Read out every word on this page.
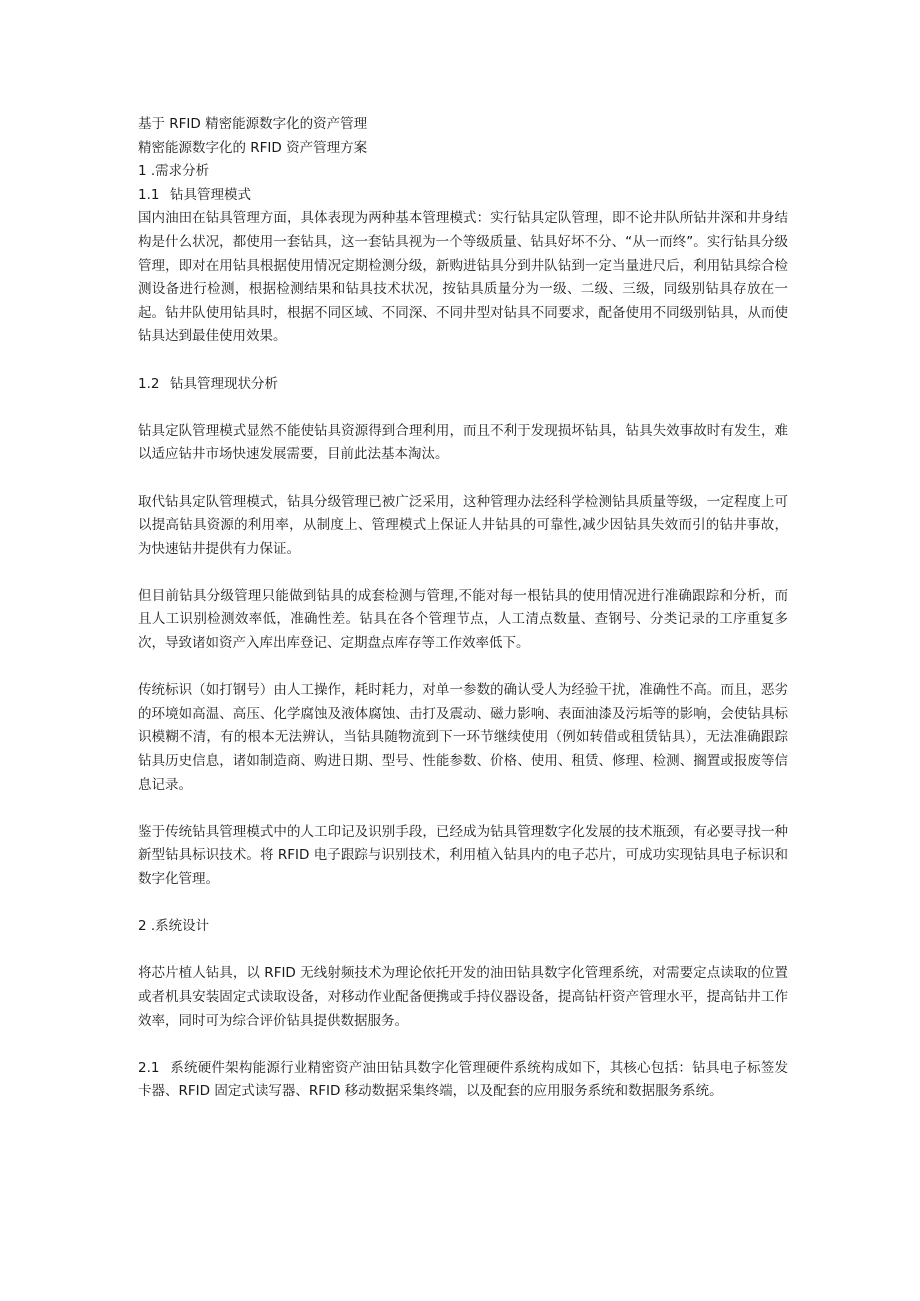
基于 RFID 精密能源数字化的资产管理

精密能源数字化的 RFID 资产管理方案

1 .需求分析

1.1 钻具管理模式

国内油田在钻具管理方面，具体表现为两种基本管理模式：实行钻具定队管理，即不论井队所钻井深和井身结构是什么状况，都使用一套钻具，这一套钻具视为一个等级质量、钻具好坏不分、“从一而终”。实行钻具分级管理，即对在用钻具根据使用情况定期检测分级，新购进钻具分到井队钻到一定当量进尺后，利用钻具综合检测设备进行检测，根据检测结果和钻具技术状况，按钻具质量分为一级、二级、三级，同级别钻具存放在一起。钻井队使用钻具时，根据不同区域、不同深、不同井型对钻具不同要求，配备使用不同级别钻具，从而使钻具达到最佳使用效果。

1.2 钻具管理现状分析

钻具定队管理模式显然不能使钻具资源得到合理利用，而且不利于发现损坏钻具，钻具失效事故时有发生，难以适应钻井市场快速发展需要，目前此法基本淘汰。

取代钻具定队管理模式，钻具分级管理已被广泛采用，这种管理办法经科学检测钻具质量等级，一定程度上可以提高钻具资源的利用率，从制度上、管理模式上保证人井钻具的可靠性,减少因钻具失效而引的钻井事故，为快速钻井提供有力保证。

但目前钻具分级管理只能做到钻具的成套检测与管理,不能对每一根钻具的使用情况进行准确跟踪和分析，而且人工识别检测效率低，准确性差。钻具在各个管理节点，人工清点数量、查钢号、分类记录的工序重复多次，导致诸如资产入库出库登记、定期盘点库存等工作效率低下。

传统标识（如打钢号）由人工操作，耗时耗力，对单一参数的确认受人为经验干扰，准确性不高。而且，恶劣的环境如高温、高压、化学腐蚀及液体腐蚀、击打及震动、磁力影响、表面油漆及污垢等的影响，会使钻具标识模糊不清，有的根本无法辨认，当钻具随物流到下一环节继续使用（例如转借或租赁钻具），无法准确跟踪钻具历史信息，诸如制造商、购进日期、型号、性能参数、价格、使用、租赁、修理、检测、搁置或报废等信息记录。

鉴于传统钻具管理模式中的人工印记及识别手段，已经成为钻具管理数字化发展的技术瓶颈，有必要寻找一种新型钻具标识技术。将 RFID 电子跟踪与识别技术，利用植入钻具内的电子芯片，可成功实现钻具电子标识和数字化管理。

2 .系统设计

将芯片植人钻具，以 RFID 无线射频技术为理论依托开发的油田钻具数字化管理系统，对需要定点读取的位置或者机具安装固定式读取设备，对移动作业配备便携或手持仪器设备，提高钻杆资产管理水平，提高钻井工作效率，同时可为综合评价钻具提供数据服务。

2.1 系统硬件架构能源行业精密资产油田钻具数字化管理硬件系统构成如下，其核心包括：钻具电子标签发卡器、RFID 固定式读写器、RFID 移动数据采集终端，以及配套的应用服务系统和数据服务系统。
